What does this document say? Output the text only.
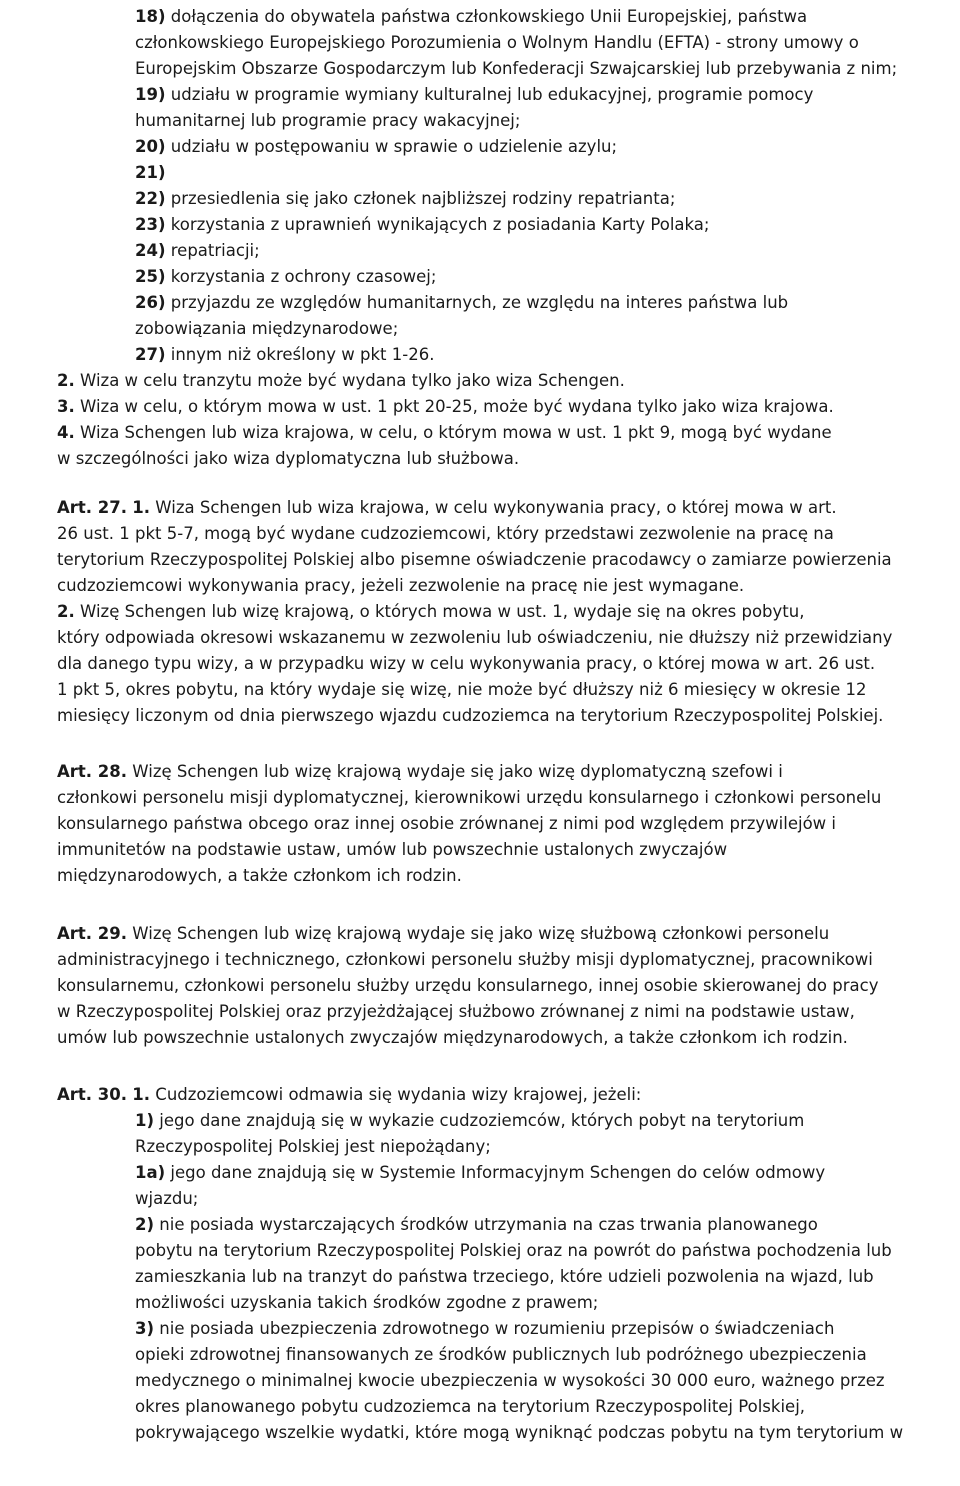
18) dołączenia do obywatela państwa członkowskiego Unii Europejskiej, państwa
członkowskiego Europejskiego Porozumienia o Wolnym Handlu (EFTA) - strony umowy o
Europejskim Obszarze Gospodarczym lub Konfederacji Szwajcarskiej lub przebywania z nim;

19) udziału w programie wymiany kulturalnej lub edukacyjnej, programie pomocy
humanitarnej lub programie pracy wakacyjnej;

20) udziału w postępowaniu w sprawie o udzielenie azylu;

21)

22) przesiedlenia się jako członek najbliższej rodziny repatrianta;

23) korzystania z uprawnień wynikających z posiadania Karty Polaka;

24) repatriacji;

25) korzystania z ochrony czasowej;

26) przyjazdu ze względów humanitarnych, ze względu na interes państwa lub
zobowiązania międzynarodowe;

27) innym niż określony w pkt 1-26.

2. Wiza w celu tranzytu może być wydana tylko jako wiza Schengen.

3. Wiza w celu, o którym mowa w ust. 1 pkt 20-25, może być wydana tylko jako wiza krajowa.

4. Wiza Schengen lub wiza krajowa, w celu, o którym mowa w ust. 1 pkt 9, mogą być wydane
w szczególności jako wiza dyplomatyczna lub służbowa.

Art. 27. 1. Wiza Schengen lub wiza krajowa, w celu wykonywania pracy, o której mowa w art.
26 ust. 1 pkt 5-7, mogą być wydane cudzoziemcowi, który przedstawi zezwolenie na pracę na
terytorium Rzeczypospolitej Polskiej albo pisemne oświadczenie pracodawcy o zamiarze powierzenia
cudzoziemcowi wykonywania pracy, jeżeli zezwolenie na pracę nie jest wymagane.

2. Wizę Schengen lub wizę krajową, o których mowa w ust. 1, wydaje się na okres pobytu,
który odpowiada okresowi wskazanemu w zezwoleniu lub oświadczeniu, nie dłuższy niż przewidziany
dla danego typu wizy, a w przypadku wizy w celu wykonywania pracy, o której mowa w art. 26 ust.
1 pkt 5, okres pobytu, na który wydaje się wizę, nie może być dłuższy niż 6 miesięcy w okresie 12
miesięcy liczonym od dnia pierwszego wjazdu cudzoziemca na terytorium Rzeczypospolitej Polskiej.

Art. 28. Wizę Schengen lub wizę krajową wydaje się jako wizę dyplomatyczną szefowi i
członkowi personelu misji dyplomatycznej, kierownikowi urzędu konsularnego i członkowi personelu
konsularnego państwa obcego oraz innej osobie zrównanej z nimi pod względem przywilejów i
immunitetów na podstawie ustaw, umów lub powszechnie ustalonych zwyczajów
międzynarodowych, a także członkom ich rodzin.

Art. 29. Wizę Schengen lub wizę krajową wydaje się jako wizę służbową członkowi personelu
administracyjnego i technicznego, członkowi personelu służby misji dyplomatycznej, pracownikowi
konsularnemu, członkowi personelu służby urzędu konsularnego, innej osobie skierowanej do pracy
w Rzeczypospolitej Polskiej oraz przyjeżdżającej służbowo zrównanej z nimi na podstawie ustaw,
umów lub powszechnie ustalonych zwyczajów międzynarodowych, a także członkom ich rodzin.

Art. 30. 1. Cudzoziemcowi odmawia się wydania wizy krajowej, jeżeli:

1) jego dane znajdują się w wykazie cudzoziemców, których pobyt na terytorium
Rzeczypospolitej Polskiej jest niepożądany;

1a) jego dane znajdują się w Systemie Informacyjnym Schengen do celów odmowy
wjazdu;

2) nie posiada wystarczających środków utrzymania na czas trwania planowanego
pobytu na terytorium Rzeczypospolitej Polskiej oraz na powrót do państwa pochodzenia lub
zamieszkania lub na tranzyt do państwa trzeciego, które udzieli pozwolenia na wjazd, lub
możliwości uzyskania takich środków zgodne z prawem;

3) nie posiada ubezpieczenia zdrowotnego w rozumieniu przepisów o świadczeniach
opieki zdrowotnej finansowanych ze środków publicznych lub podróżnego ubezpieczenia
medycznego o minimalnej kwocie ubezpieczenia w wysokości 30 000 euro, ważnego przez
okres planowanego pobytu cudzoziemca na terytorium Rzeczypospolitej Polskiej,
pokrywającego wszelkie wydatki, które mogą wyniknąć podczas pobytu na tym terytorium w
